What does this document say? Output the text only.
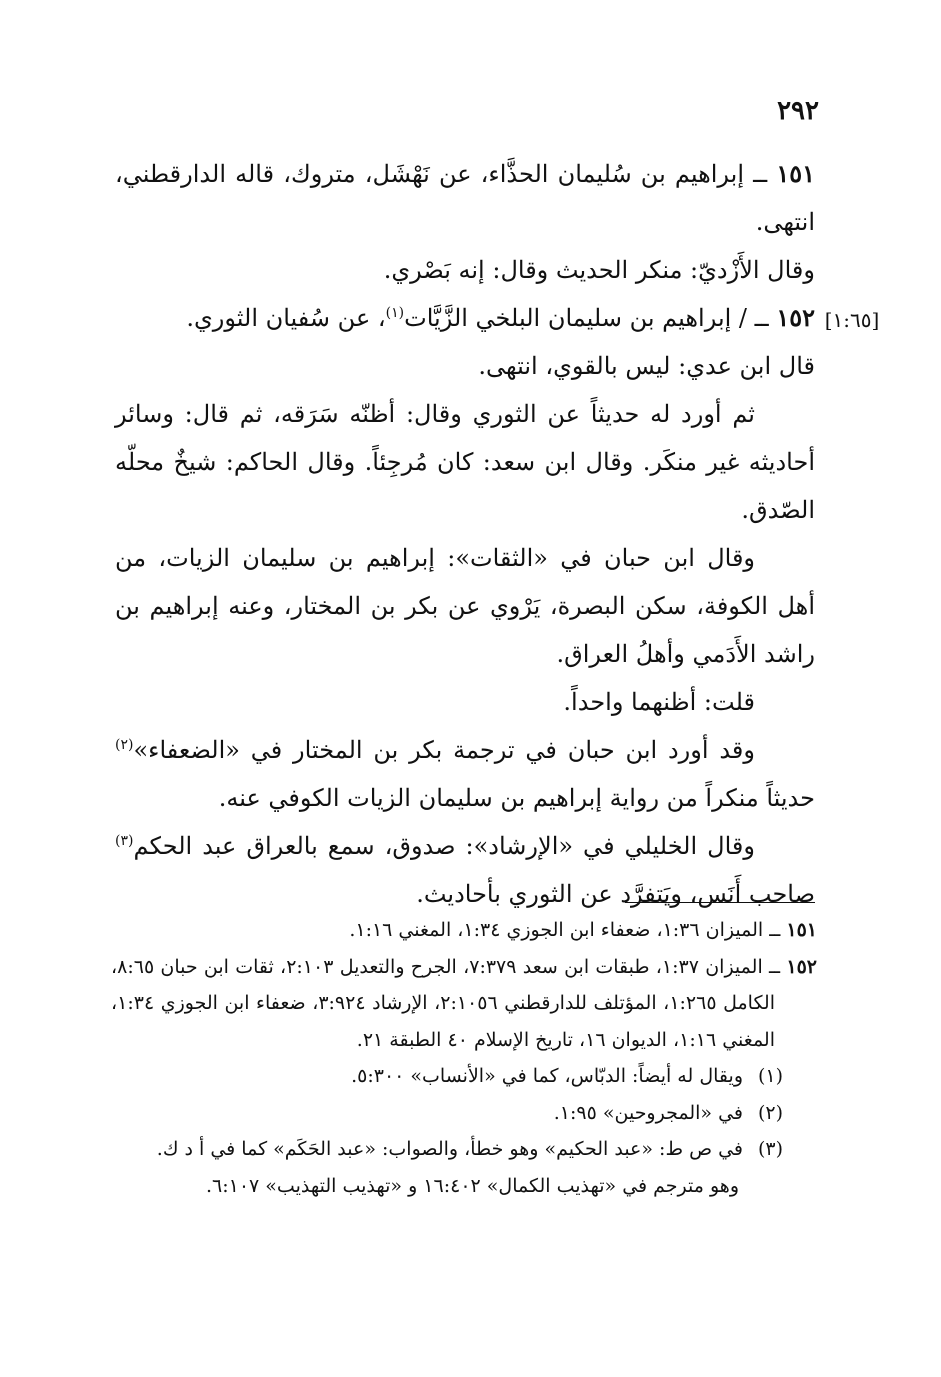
٢٩٢
[١:٦٥]

١٥١ ــ إبراهيم بن سُليمان الحذَّاء، عن نَهْشَل، متروك، قاله الدارقطني، انتهى.

وقال الأَزْديّ: منكر الحديث وقال: إنه بَصْري.

١٥٢ ــ / إبراهيم بن سليمان البلخي الزَّيَّات$^{(١)}$، عن سُفيان الثوري.

قال ابن عدي: ليس بالقوي، انتهى.

ثم أورد له حديثاً عن الثوري وقال: أظنّه سَرَقه، ثم قال: وسائر أحاديثه غير منكَر. وقال ابن سعد: كان مُرجِئاً. وقال الحاكم: شيخٌ محلّه الصّدق.

وقال ابن حبان في «الثقات»: إبراهيم بن سليمان الزيات، من أهل الكوفة، سكن البصرة، يَرْوي عن بكر بن المختار، وعنه إبراهيم بن راشد الأَدَمي وأهلُ العراق.

قلت: أظنهما واحداً.

وقد أورد ابن حبان في ترجمة بكر بن المختار في «الضعفاء»$^{(٢)}$ حديثاً منكراً من رواية إبراهيم بن سليمان الزيات الكوفي عنه.

وقال الخليلي في «الإرشاد»: صدوق، سمع بالعراق عبد الحكم$^{(٣)}$ صاحب أَنَس، ويَتفرَّد عن الثوري بأحاديث.

١٥١ ــ الميزان ١:٣٦، ضعفاء ابن الجوزي ١:٣٤، المغني ١:١٦.

١٥٢ ــ الميزان ١:٣٧، طبقات ابن سعد ٧:٣٧٩، الجرح والتعديل ٢:١٠٣، ثقات ابن حبان ٨:٦٥، الكامل ١:٢٦٥، المؤتلف للدارقطني ٢:١٠٥٦، الإرشاد ٣:٩٢٤، ضعفاء ابن الجوزي ١:٣٤، المغني ١:١٦، الديوان ١٦، تاريخ الإسلام ٤٠ الطبقة ٢١.

(١)ويقال له أيضاً: الدبّاس، كما في «الأنساب» ٥:٣٠٠.

(٢)في «المجروحين» ١:٩٥.

(٣)في ص ط: «عبد الحكيم» وهو خطأ، والصواب: «عبد الحَكَم» كما في أ د ك.
وهو مترجم في «تهذيب الكمال» ١٦:٤٠٢ و «تهذيب التهذيب» ٦:١٠٧.
